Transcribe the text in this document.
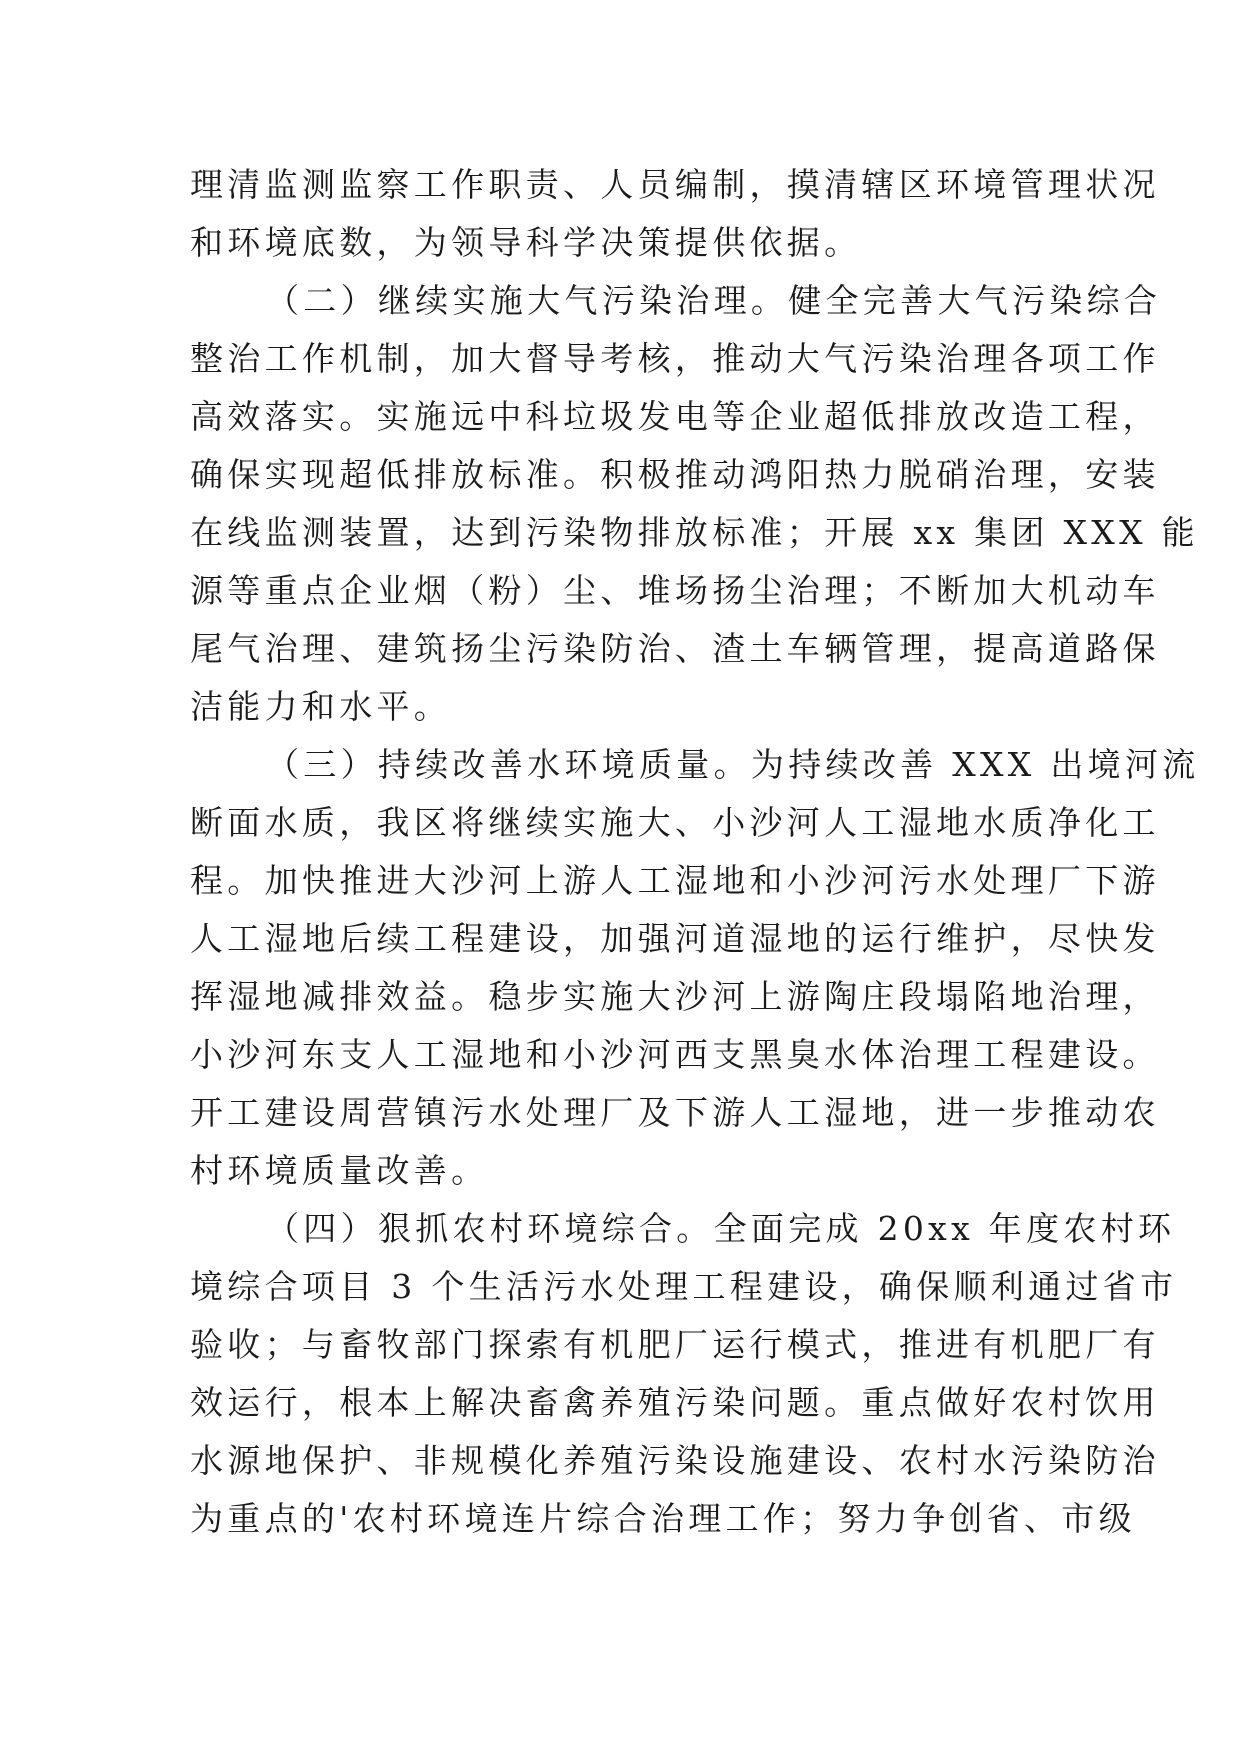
理清监测监察工作职责、人员编制，摸清辖区环境管理状况
和环境底数，为领导科学决策提供依据。
（二）继续实施大气污染治理。健全完善大气污染综合
整治工作机制，加大督导考核，推动大气污染治理各项工作
高效落实。实施远中科垃圾发电等企业超低排放改造工程，
确保实现超低排放标准。积极推动鸿阳热力脱硝治理，安装
在线监测装置，达到污染物排放标准；开展 xx 集团 XXX 能
源等重点企业烟（粉）尘、堆场扬尘治理；不断加大机动车
尾气治理、建筑扬尘污染防治、渣土车辆管理，提高道路保
洁能力和水平。
（三）持续改善水环境质量。为持续改善 XXX 出境河流
断面水质，我区将继续实施大、小沙河人工湿地水质净化工
程。加快推进大沙河上游人工湿地和小沙河污水处理厂下游
人工湿地后续工程建设，加强河道湿地的运行维护，尽快发
挥湿地减排效益。稳步实施大沙河上游陶庄段塌陷地治理，
小沙河东支人工湿地和小沙河西支黑臭水体治理工程建设。
开工建设周营镇污水处理厂及下游人工湿地，进一步推动农
村环境质量改善。
（四）狠抓农村环境综合。全面完成 20xx 年度农村环
境综合项目 3 个生活污水处理工程建设，确保顺利通过省市
验收；与畜牧部门探索有机肥厂运行模式，推进有机肥厂有
效运行，根本上解决畜禽养殖污染问题。重点做好农村饮用
水源地保护、非规模化养殖污染设施建设、农村水污染防治
为重点的'农村环境连片综合治理工作；努力争创省、市级
